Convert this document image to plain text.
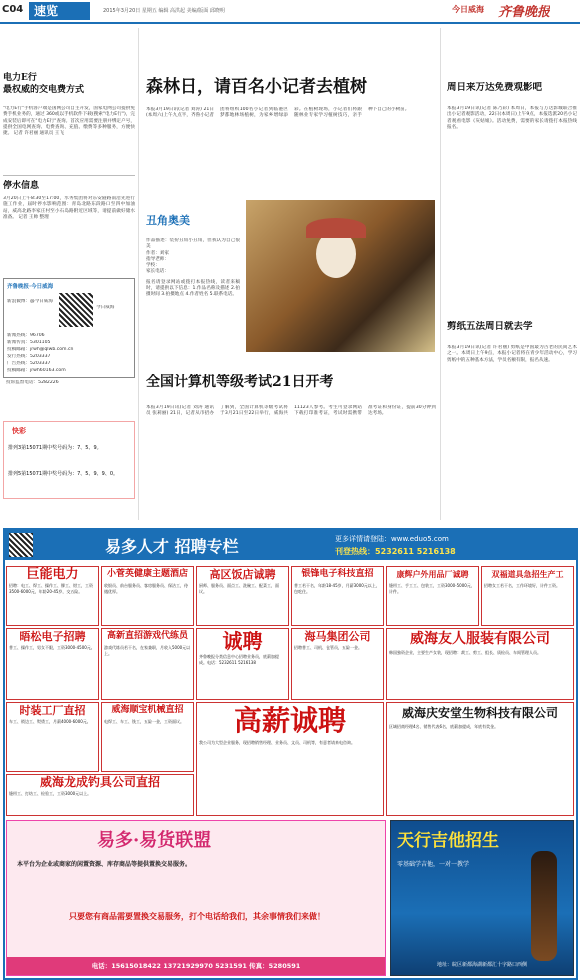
C04 速览	2015年3月20日 星期五 编辑 高洪起 美编/版面 邱晓明	今日威海 齐鲁晚报
电力E行
最权威的交电费方式
"电力E行"手机客户端是国网公司自主开发，国家电网公司提供免费手机业务的，通过 360或以手机软件下载(搜索"电力E行")，完成安装后即可在"电力E行"查询。首次应用需要注册并绑定户号，提供全国电网查询、电费查询、充值、缴费等多种服务，方便快捷。 记者 许君丽 通讯员 王飞
停水信息
3月20日上午8:30至17:00，水务集团将对东安隧路南沿先进行施工作业，届时停水影响范围：青岛北路东段路口至四中加油站，威高北路李家庄村至小石岛路附近区域等，请提前做好储水准备。 记者 王帅 整理
齐鲁晚报·今日威海
新浪微博：@今日威海
今日威海
新闻热线：96706
新闻传真：5301105
投稿邮箱：jrwh@qlwb.com.cn
发行热线：5203337
广告热线：5203337
投稿邮箱：jrwh60163.com
投诉监督电话：5282226
快彩
排列3第15071期中奖号码为：7、5、9。
排列5第15071期中奖号码为：7、5、9、9、0。
森林日，请百名小记者去植树
本报3月19日讯(记者 刘涛) 21日(本周六)上午九点半，齐鲁小记者团将组织100名小记者到临港区梦都地林场植树，为家乡增绿添彩。在植树现场，小记者们将跟随林业专家学习植树技巧，亲手种下自己的小树苗。
丑角奥美
作品描述：装扮丑角小丑角，但我认为自己很美
作者：刘家
指导老师：
学校：
家长电话：
报名请登录网站或拨打本报热线，读者来稿时，请提供以下信息：1.作品名称及描述 2.拍摄时间 3.拍摄地点 4.作者姓名 5.联系电话。
全国计算机等级考试21日开考
本报3月19日讯(记者 刘涛 通讯员 张莉丽) 21日，记者从市招办了解到，全国计算机等级考试将于3月21日至22日举行，威海共11123人参考。考生可登录网站下载打印准考证，考试时需携带准考证和身份证，提前30分钟到达考场。
周日来万达免费观影吧
本报3月19日讯(记者 陈乃彩) 本周日，本报与万达影城联合推出小记者观影活动，22日(本周日)上午9点，本报选派20名小记者观看电影《灰姑娘》。活动免费，需要的家长请拨打本报热线报名。
剪纸五法周日就去学
本报3月19日讯(记者 许君丽) 剪纸是中国最为古老的民间艺术之一。本周日上午9点，本报小记者将在青少年活动中心，学习剪纸中的五种基本方法，学员名额有限，报名从速。
易多人才 招聘专栏	更多详情请登陆：www.eduo5.com
刊登热线：5232611 5216138
巨能电力
招聘：电工、焊工、操作工、铆工、钳工，工资3500-6000元，年龄20-45岁，交五险。
小菅英健康主题酒店
收银员、前台服务员、客房服务员、保洁工，待遇优厚。
高区饭店诚聘
厨师、服务员、面点工、洗碗工、配菜工，面议。
银锋电子科技直招
普工若干名，年龄18-45岁，月薪3000元以上，包吃住。
康辉户外用品厂诚聘
缝纫工、手工工、包装工，工资3000-5000元，计件。
双福道具急招生产工
招聘女工若干名，工作环境好，计件工资。
晤松电子招聘
普工、操作工，男女不限，工资3000-4500元。
高新直招游戏代练员
游戏代练员若干名，在家兼职，月收入5000元以上。
诚聘
齐鲁晚报分类信息中心招聘业务员，底薪加提成。电话：5232611 5216138
海马集团公司
招聘普工、司机、仓管员，五险一金。
威海友人服装有限公司
韩国独资企业，主要生产女装，现招聘：裁工、剪工、组长、质检员、车间管理人员。
时装工厂直招
车工、锁边工、熨烫工，月薪4000-6000元。
威海顺宝机械直招
电焊工、车工、铣工，五险一金，工资面议。	高薪诚聘
我公司为大型企业服务，现招聘销售经理、业务员、文员、司机等，有意者请来电咨询。
威海庆安堂生物科技有限公司
区域招商经理4名、销售代表6名，底薪加提成，年底有奖金。
威海龙成钓具公司直招
缝纫工、打结工、检验工，工资3000元以上。
易多·易货联盟
本平台为企业或商家的闲置资源、库存商品等提供置换交易服务。
只要您有商品需要置换交易服务，打个电话给我们，其余事情我们来做！
电话：15615018422 13721929970 5231591 传真：5280591
天行吉他招生
零基础学吉他，一对一教学
地址：皖区新都海湖新都汇十字路口西侧
